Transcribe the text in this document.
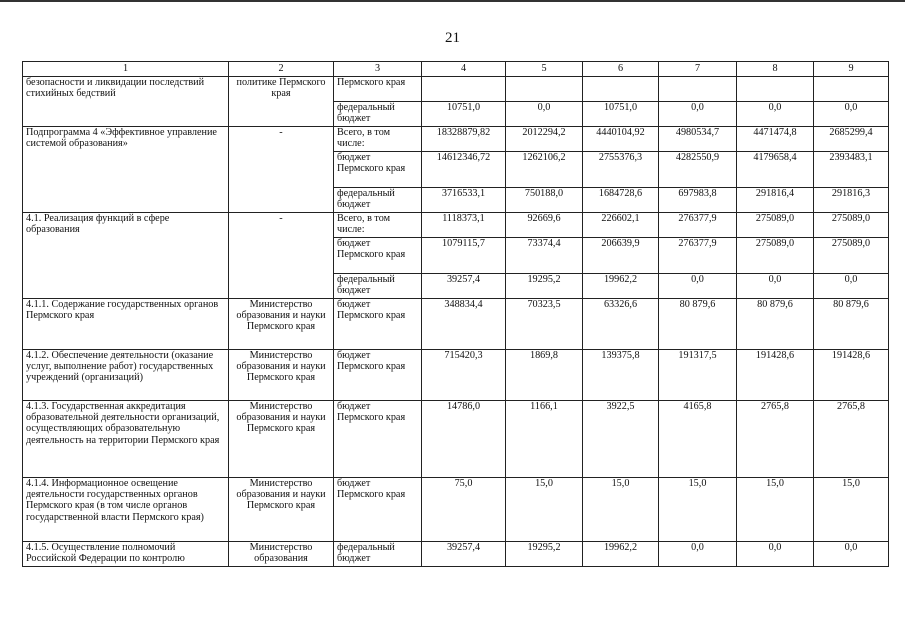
21
1	2	3	4	5	6	7	8	9
безопасности и ликвидации последствий стихийных бедствий	политике Пермского края	Пермского края						
		федеральный бюджет	10751,0	0,0	10751,0	0,0	0,0	0,0
Подпрограмма 4 «Эффективное управление системой образования»	-	Всего, в том числе:	18328879,82	2012294,2	4440104,92	4980534,7	4471474,8	2685299,4
		бюджет Пермского края	14612346,72	1262106,2	2755376,3	4282550,9	4179658,4	2393483,1
		федеральный бюджет	3716533,1	750188,0	1684728,6	697983,8	291816,4	291816,3
4.1. Реализация функций в сфере образования	-	Всего, в том числе:	1118373,1	92669,6	226602,1	276377,9	275089,0	275089,0
		бюджет Пермского края	1079115,7	73374,4	206639,9	276377,9	275089,0	275089,0
		федеральный бюджет	39257,4	19295,2	19962,2	0,0	0,0	0,0
4.1.1. Содержание государственных органов Пермского края	Министерство образования и науки Пермского края	бюджет Пермского края	348834,4	70323,5	63326,6	80 879,6	80 879,6	80 879,6
4.1.2. Обеспечение деятельности (оказание услуг, выполнение работ) государственных учреждений (организаций)	Министерство образования и науки Пермского края	бюджет Пермского края	715420,3	1869,8	139375,8	191317,5	191428,6	191428,6
4.1.3. Государственная аккредитация образовательной деятельности организаций, осуществляющих образовательную деятельность на территории Пермского края	Министерство образования и науки Пермского края	бюджет Пермского края	14786,0	1166,1	3922,5	4165,8	2765,8	2765,8
4.1.4. Информационное освещение деятельности государственных органов Пермского края (в том числе органов государственной власти Пермского края)	Министерство образования и науки Пермского края	бюджет Пермского края	75,0	15,0	15,0	15,0	15,0	15,0
4.1.5. Осуществление полномочий Российской Федерации по контролю	Министерство образования	федеральный бюджет	39257,4	19295,2	19962,2	0,0	0,0	0,0
